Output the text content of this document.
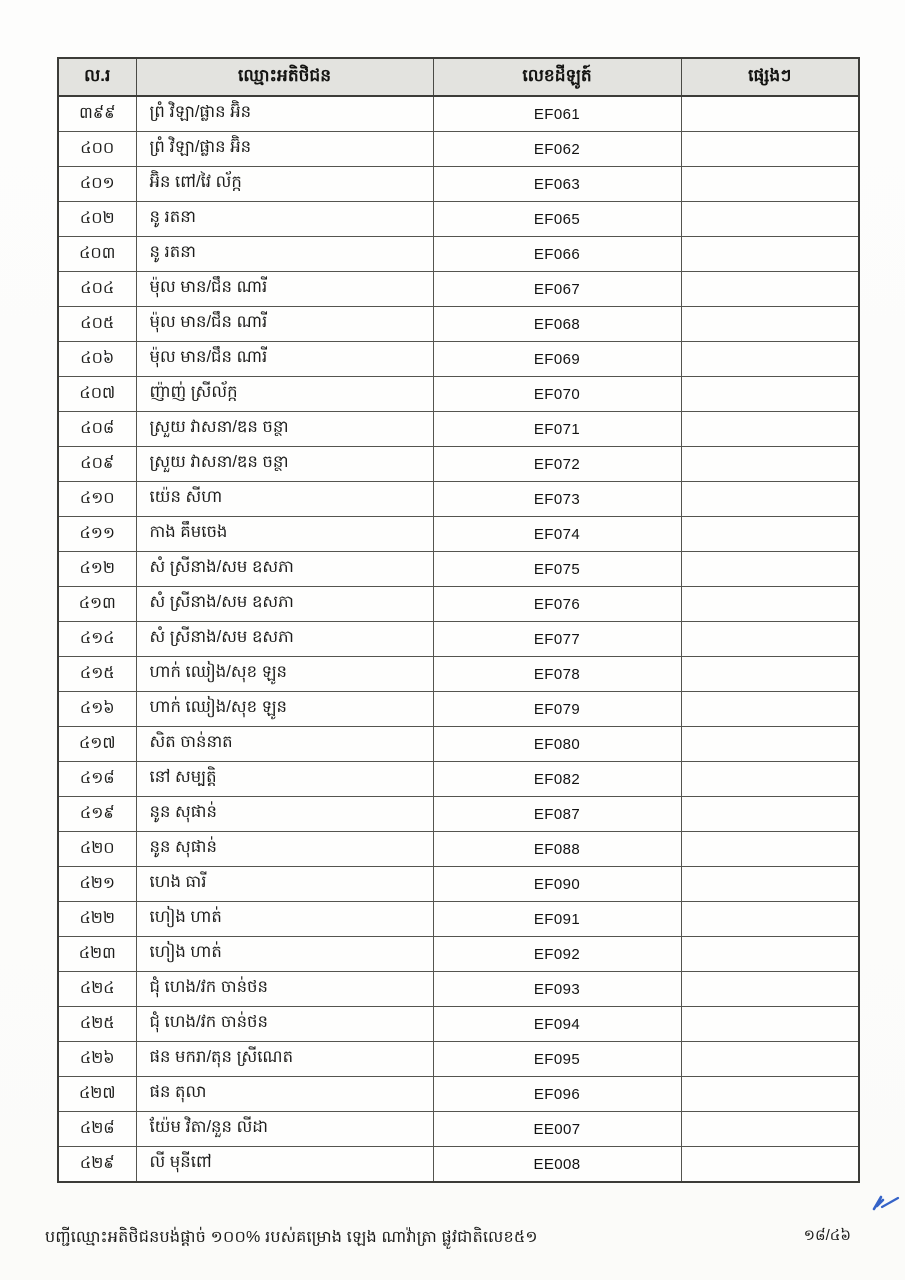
ល.រ	ឈ្មោះអតិថិជន	លេខដីឡូត៍	ផ្សេងៗ
៣៩៩	ព្រំ វិឡា/ផ្លាន អ៊ិន	EF061	
៤០០	ព្រំ វិឡា/ផ្លាន អ៊ិន	EF062	
៤០១	អ៊ិន ពៅ/វៃ ល័ក្ក	EF063	
៤០២	នូ រតនា	EF065	
៤០៣	នូ រតនា	EF066	
៤០៤	ម៉ុល មាន/ជឹន ណារី	EF067	
៤០៥	ម៉ុល មាន/ជឹន ណារី	EF068	
៤០៦	ម៉ុល មាន/ជឹន ណារី	EF069	
៤០៧	ញ៉ាញ់ ស្រីល័ក្ក	EF070	
៤០៨	ស្រួយ វាសនា/ឌន ចន្ថា	EF071	
៤០៩	ស្រួយ វាសនា/ឌន ចន្ថា	EF072	
៤១០	យ៉េន សីហា	EF073	
៤១១	កាង គឹមចេង	EF074	
៤១២	សំ ស្រីនាង/សម ឧសភា	EF075	
៤១៣	សំ ស្រីនាង/សម ឧសភា	EF076	
៤១៤	សំ ស្រីនាង/សម ឧសភា	EF077	
៤១៥	ហាក់ ឈៀង/សុខ ឡូន	EF078	
៤១៦	ហាក់ ឈៀង/សុខ ឡូន	EF079	
៤១៧	សិត ចាន់នាត	EF080	
៤១៨	នៅ សម្បត្តិ	EF082	
៤១៩	នូន សុផាន់	EF087	
៤២០	នូន សុផាន់	EF088	
៤២១	ហេង ធារី	EF090	
៤២២	ហៀង ហាត់	EF091	
៤២៣	ហៀង ហាត់	EF092	
៤២៤	ជុំ ហេង/វក ចាន់ថន	EF093	
៤២៥	ជុំ ហេង/វក ចាន់ថន	EF094	
៤២៦	ផន មករា/តុន ស្រីណេត	EF095	
៤២៧	ផន តុលា	EF096	
៤២៨	យ៉ែម វិតា/នួន លីដា	EE007	
៤២៩	លី មុនីពៅ	EE008	
បញ្ជីឈ្មោះអតិថិជនបង់ផ្តាច់ ១០០% របស់គម្រោង ឡេង ណាវ៉ាត្រា ផ្លូវជាតិលេខ៥១	១៨/៤៦
